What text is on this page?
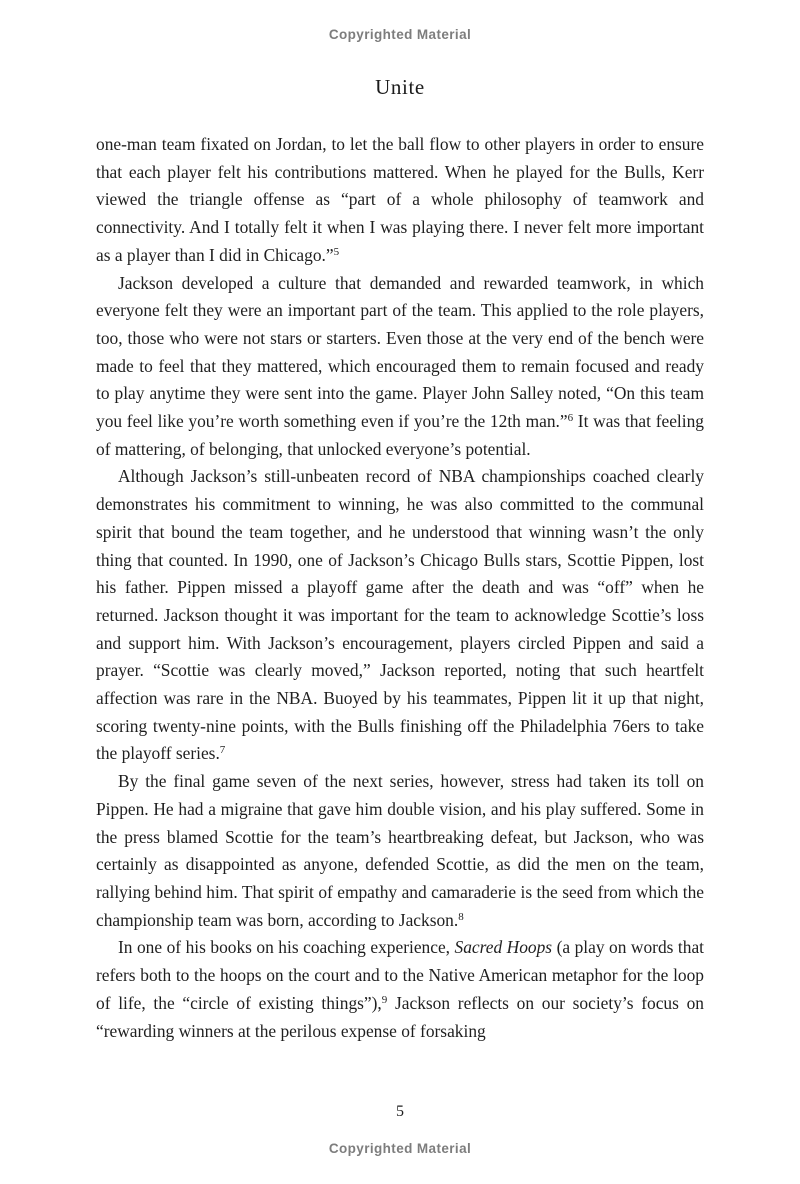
Copyrighted Material
Unite

one-man team fixated on Jordan, to let the ball flow to other players in order to ensure that each player felt his contributions mattered. When he played for the Bulls, Kerr viewed the triangle offense as “part of a whole philosophy of teamwork and connectivity. And I totally felt it when I was playing there. I never felt more important as a player than I did in Chicago.”$^5$

Jackson developed a culture that demanded and rewarded teamwork, in which everyone felt they were an important part of the team. This applied to the role players, too, those who were not stars or starters. Even those at the very end of the bench were made to feel that they mattered, which encouraged them to remain focused and ready to play anytime they were sent into the game. Player John Salley noted, “On this team you feel like you’re worth something even if you’re the 12th man.”$^6$ It was that feeling of mattering, of belonging, that unlocked everyone’s potential.

Although Jackson’s still-unbeaten record of NBA championships coached clearly demonstrates his commitment to winning, he was also committed to the communal spirit that bound the team together, and he understood that winning wasn’t the only thing that counted. In 1990, one of Jackson’s Chicago Bulls stars, Scottie Pippen, lost his father. Pippen missed a playoff game after the death and was “off” when he returned. Jackson thought it was important for the team to acknowledge Scottie’s loss and support him. With Jackson’s encouragement, players circled Pippen and said a prayer. “Scottie was clearly moved,” Jackson reported, noting that such heartfelt affection was rare in the NBA. Buoyed by his teammates, Pippen lit it up that night, scoring twenty-nine points, with the Bulls finishing off the Philadelphia 76ers to take the playoff series.$^7$

By the final game seven of the next series, however, stress had taken its toll on Pippen. He had a migraine that gave him double vision, and his play suffered. Some in the press blamed Scottie for the team’s heartbreaking defeat, but Jackson, who was certainly as disappointed as anyone, defended Scottie, as did the men on the team, rallying behind him. That spirit of empathy and camaraderie is the seed from which the championship team was born, according to Jackson.$^8$

In one of his books on his coaching experience, Sacred Hoops (a play on words that refers both to the hoops on the court and to the Native American metaphor for the loop of life, the “circle of existing things”),$^9$ Jackson reflects on our society’s focus on “rewarding winners at the perilous expense of forsaking

5
Copyrighted Material
